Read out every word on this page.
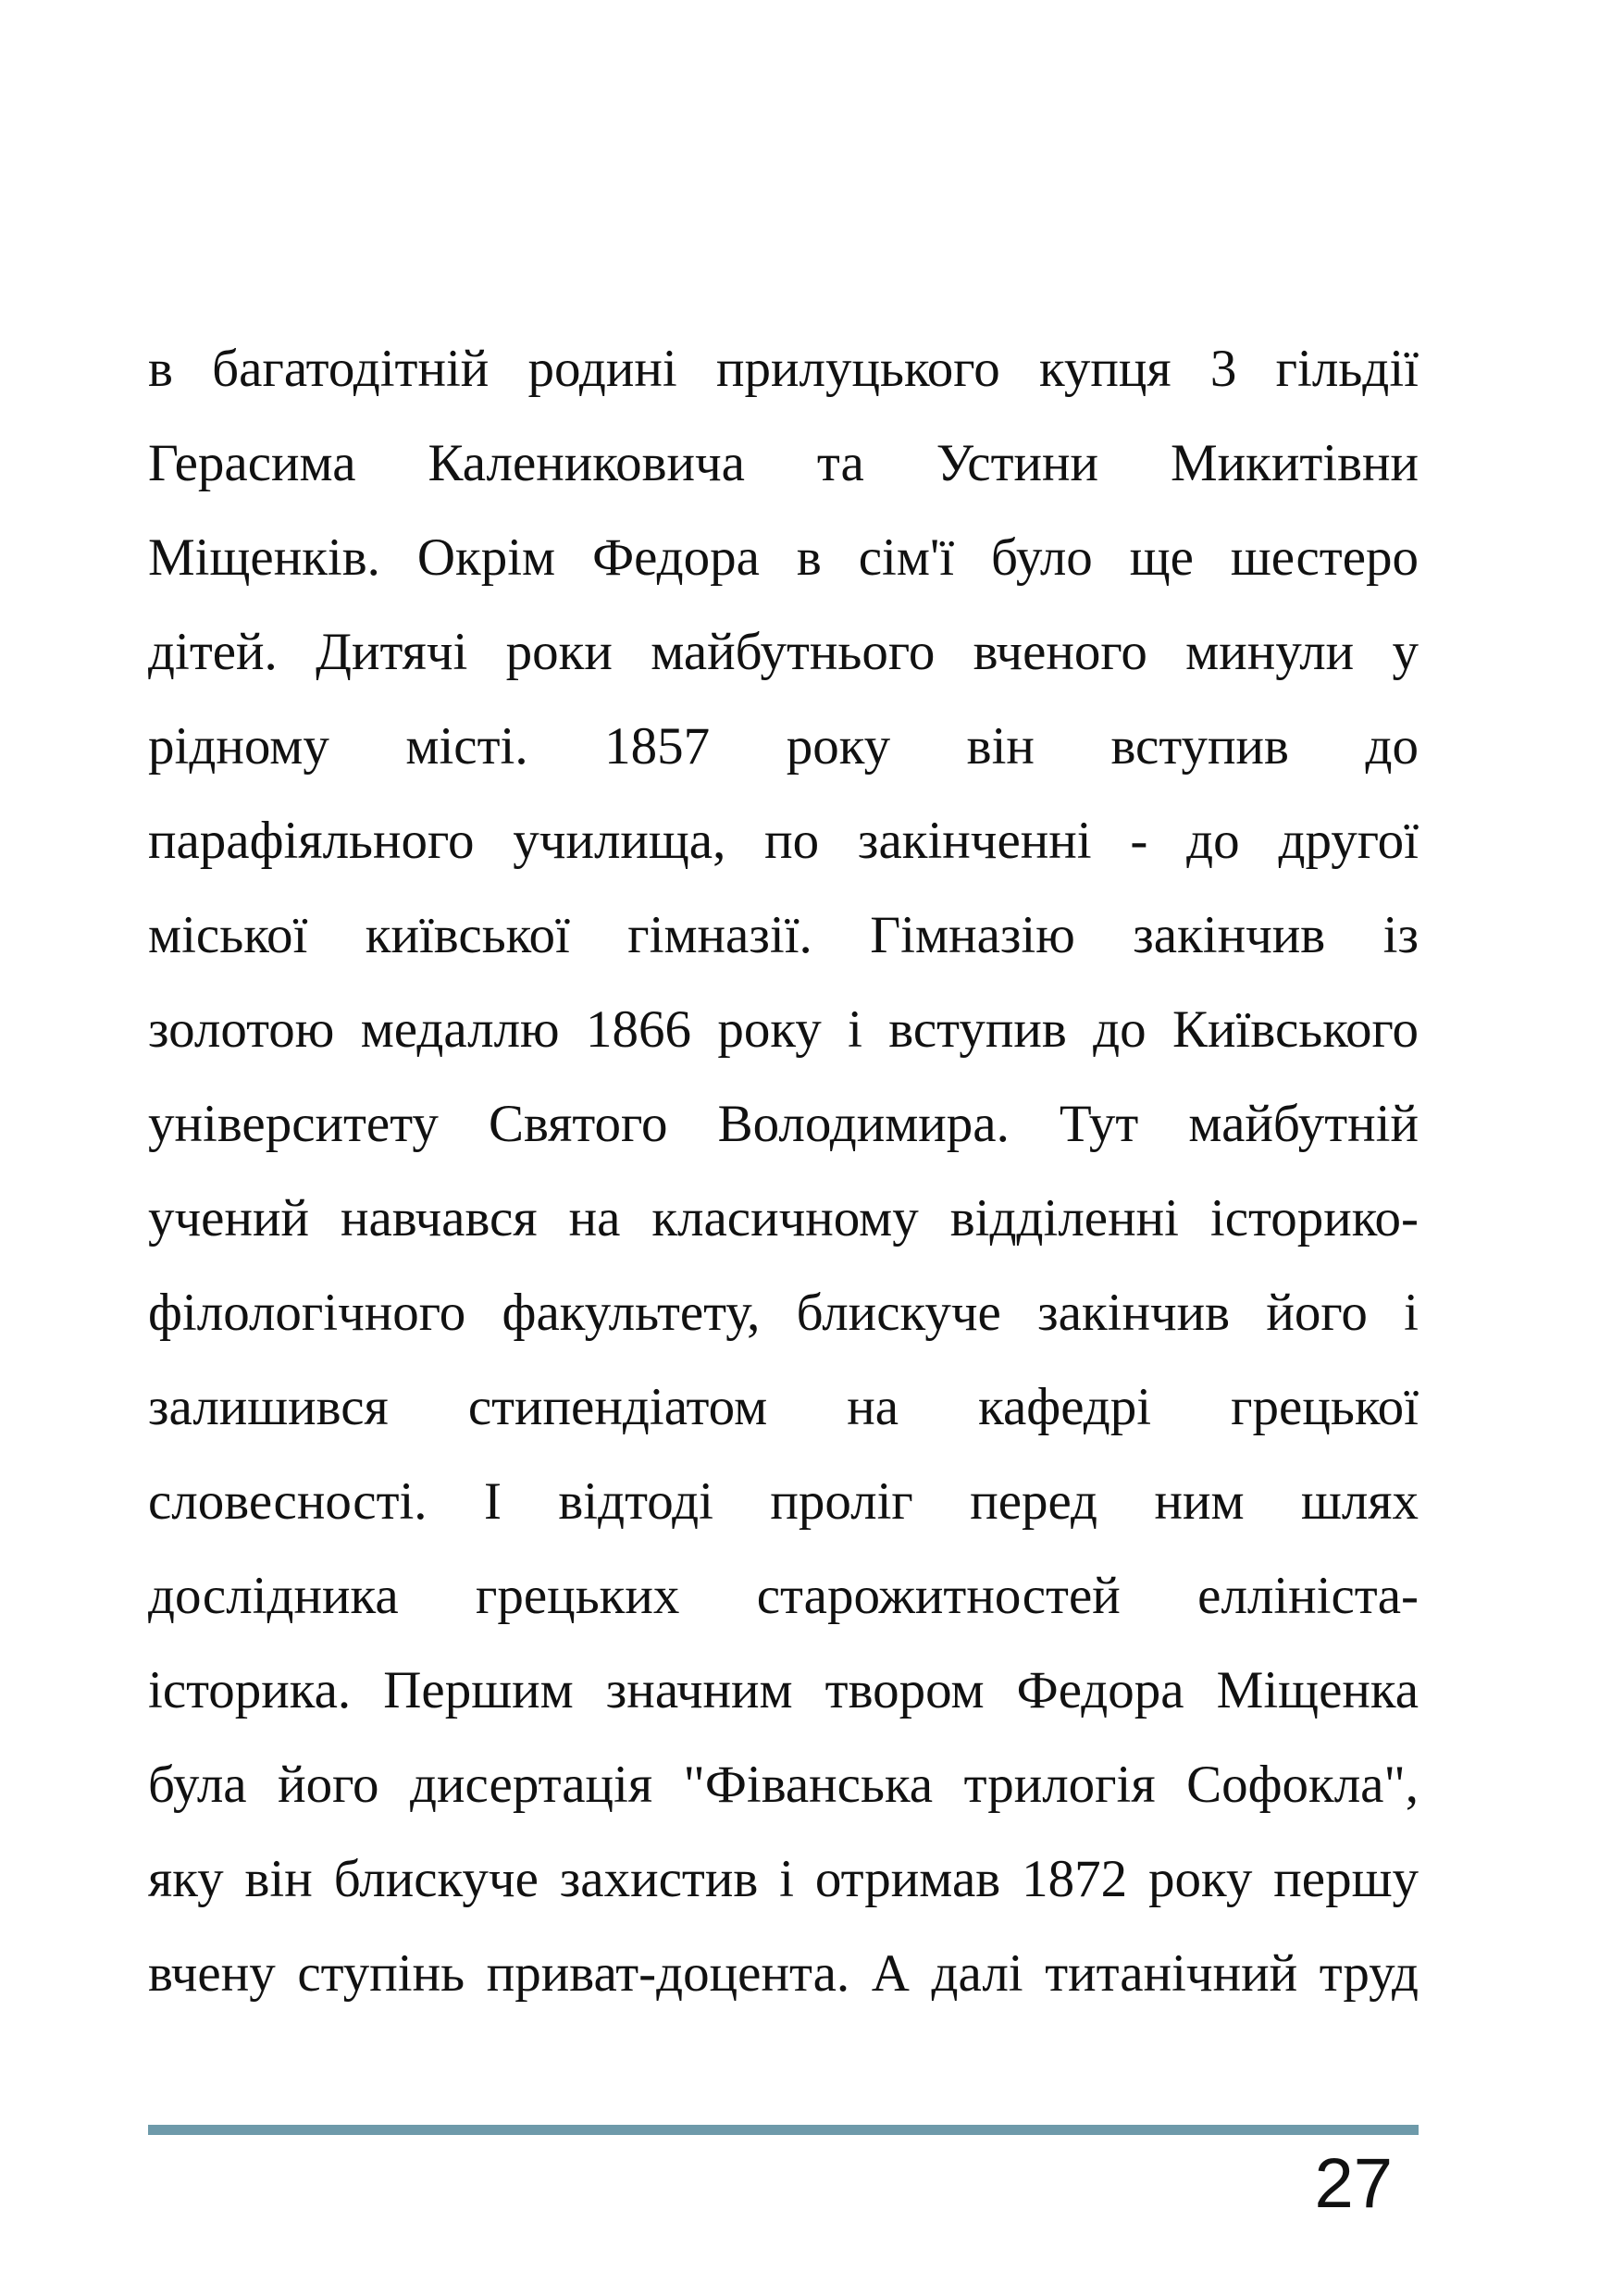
в багатодітній родині прилуцького купця 3 гільдії
Герасима Калениковича та Устини Микитівни
Міщенків. Окрім Федора в сім'ї було ще шестеро
дітей. Дитячі роки майбутнього вченого минули у
рідному місті. 1857 року він вступив до
парафіяльного училища, по закінченні - до другої
міської київської гімназії. Гімназію закінчив із
золотою медаллю 1866 року і вступив до Київського
університету Святого Володимира. Тут майбутній
учений навчався на класичному відділенні історико-
філологічного факультету, блискуче закінчив його і
залишився стипендіатом на кафедрі грецької
словесності. І відтоді проліг перед ним шлях
дослідника грецьких старожитностей елліністa-
історика. Першим значним твором Федора Міщенка
була його дисертація "Фіванська трилогія Софокла",
яку він блискуче захистив і отримав 1872 року першу
вчену ступінь приват-доцента. А далі титанічний труд
27
